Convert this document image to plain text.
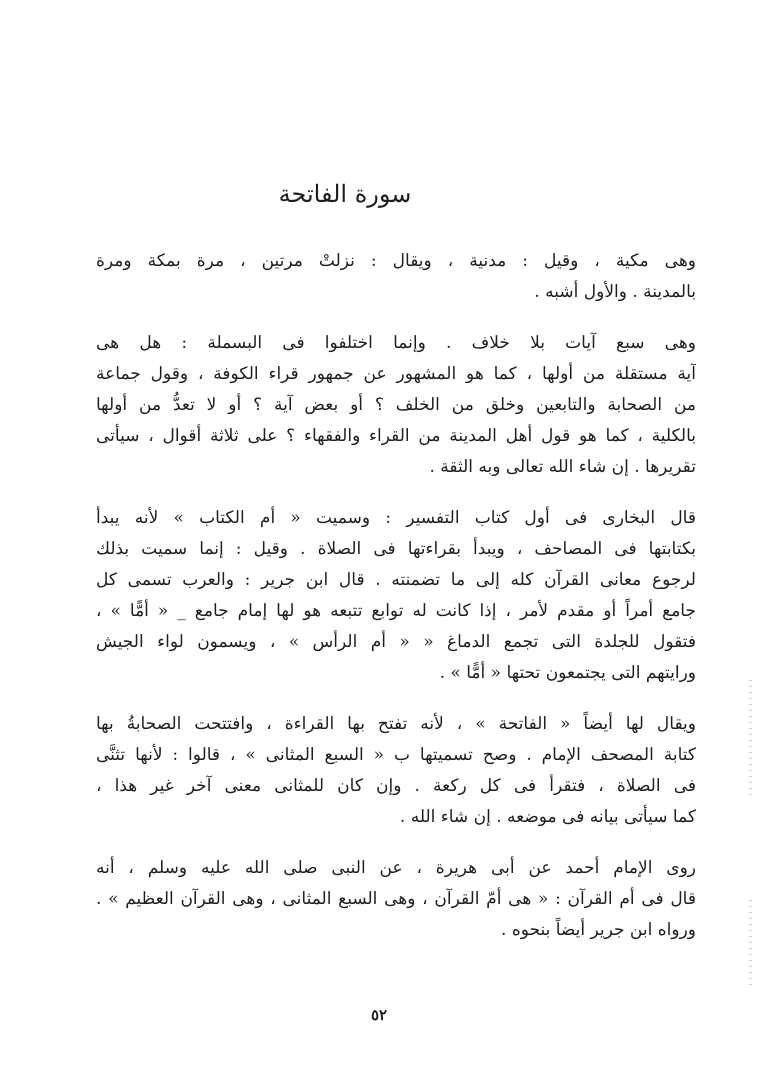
سورة الفاتحة
وهى مكية ، وقيل : مدنية ، ويقال : نزلتْ مرتين ، مرة بمكة ومرة
بالمدينة . والأول أشبه .
وهى سبع آيات بلا خلاف . وإنما اختلفوا فى البسملة : هل هى
آية مستقلة من أولها ، كما هو المشهور عن جمهور قراء الكوفة ، وقول جماعة
من الصحابة والتابعين وخلق من الخلف ؟ أو بعض آية ؟ أو لا تعدُّ من أولها
بالكلية ، كما هو قول أهل المدينة من القراء والفقهاء ؟ على ثلاثة أقوال ، سيأتى
تقريرها . إن شاء الله تعالى وبه الثقة .
قال البخارى فى أول كتاب التفسير : وسميت « أم الكتاب » لأنه يبدأ
بكتابتها فى المصاحف ، ويبدأ بقراءتها فى الصلاة . وقيل : إنما سميت بذلك
لرجوع معانى القرآن كله إلى ما تضمنته . قال ابن جرير : والعرب تسمى كل
جامع أمراً أو مقدم لأمر ، إذا كانت له توابع تتبعه هو لها إمام جامع _ « أمًّا » ،
فتقول للجلدة التى تجمع الدماغ « « أم الرأس » ، ويسمون لواء الجيش
ورايتهم التى يجتمعون تحتها « أمًّا » .
ويقال لها أيضاً « الفاتحة » ، لأنه تفتح بها القراءة ، وافتتحت الصحابةُ بها
كتابة المصحف الإمام . وصح تسميتها ب « السبع المثانى » ، قالوا : لأنها تثنَّى
فى الصلاة ، فتقرأ فى كل ركعة . وإن كان للمثانى معنى آخر غير هذا ،
كما سيأتى بيانه فى موضعه . إن شاء الله .
روى الإمام أحمد عن أبى هريرة ، عن النبى صلى الله عليه وسلم ، أنه
قال فى أم القرآن : « هى أمّ القرآن ، وهى السبع المثانى ، وهى القرآن العظيم » .
ورواه ابن جرير أيضاً بنحوه .
٥٢
